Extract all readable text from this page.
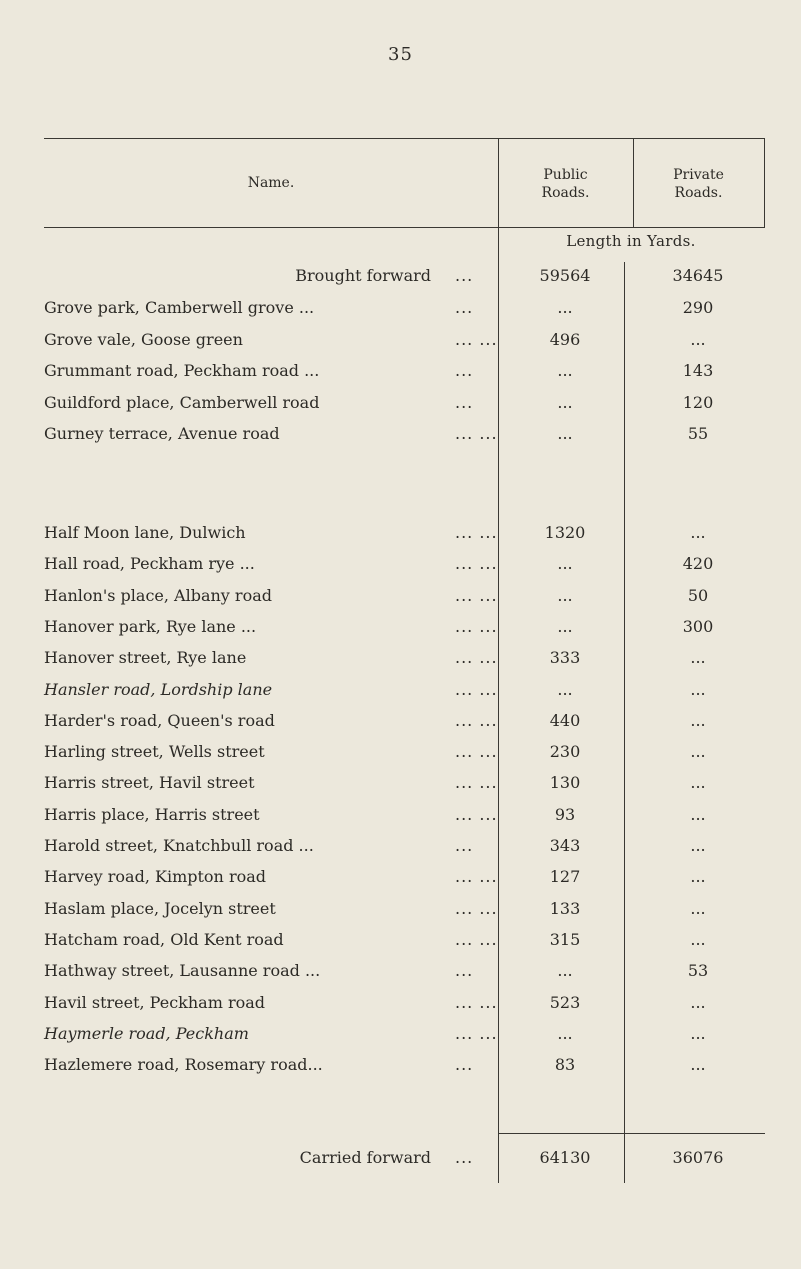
35
Name.	Public
Roads.
Private
Roads.
Length in Yards.
Brought forward ...	59564	34645
Grove park, Camberwell grove ...	...	...	290
Grove vale, Goose green	... ...	496	...
Grummant road, Peckham road ...	...	...	143
Guildford place, Camberwell road	...	...	120
Gurney terrace, Avenue road	... ...	...	55
Half Moon lane, Dulwich	... ...	1320	...
Hall road, Peckham rye ...	... ...	...	420
Hanlon's place, Albany road	... ...	...	50
Hanover park, Rye lane ...	... ...	...	300
Hanover street, Rye lane	... ...	333	...
Hansler road, Lordship lane	... ...	...	...
Harder's road, Queen's road	... ...	440	...
Harling street, Wells street	... ...	230	...
Harris street, Havil street	... ...	130	...
Harris place, Harris street	... ...	93	...
Harold street, Knatchbull road ...	...	343	...
Harvey road, Kimpton road	... ...	127	...
Haslam place, Jocelyn street	... ...	133	...
Hatcham road, Old Kent road	... ...	315	...
Hathway street, Lausanne road ...	...	...	53
Havil street, Peckham road	... ...	523	...
Haymerle road, Peckham	... ...	...	...
Hazlemere road, Rosemary road...	...	83	...
Carried forward ...	64130	36076
